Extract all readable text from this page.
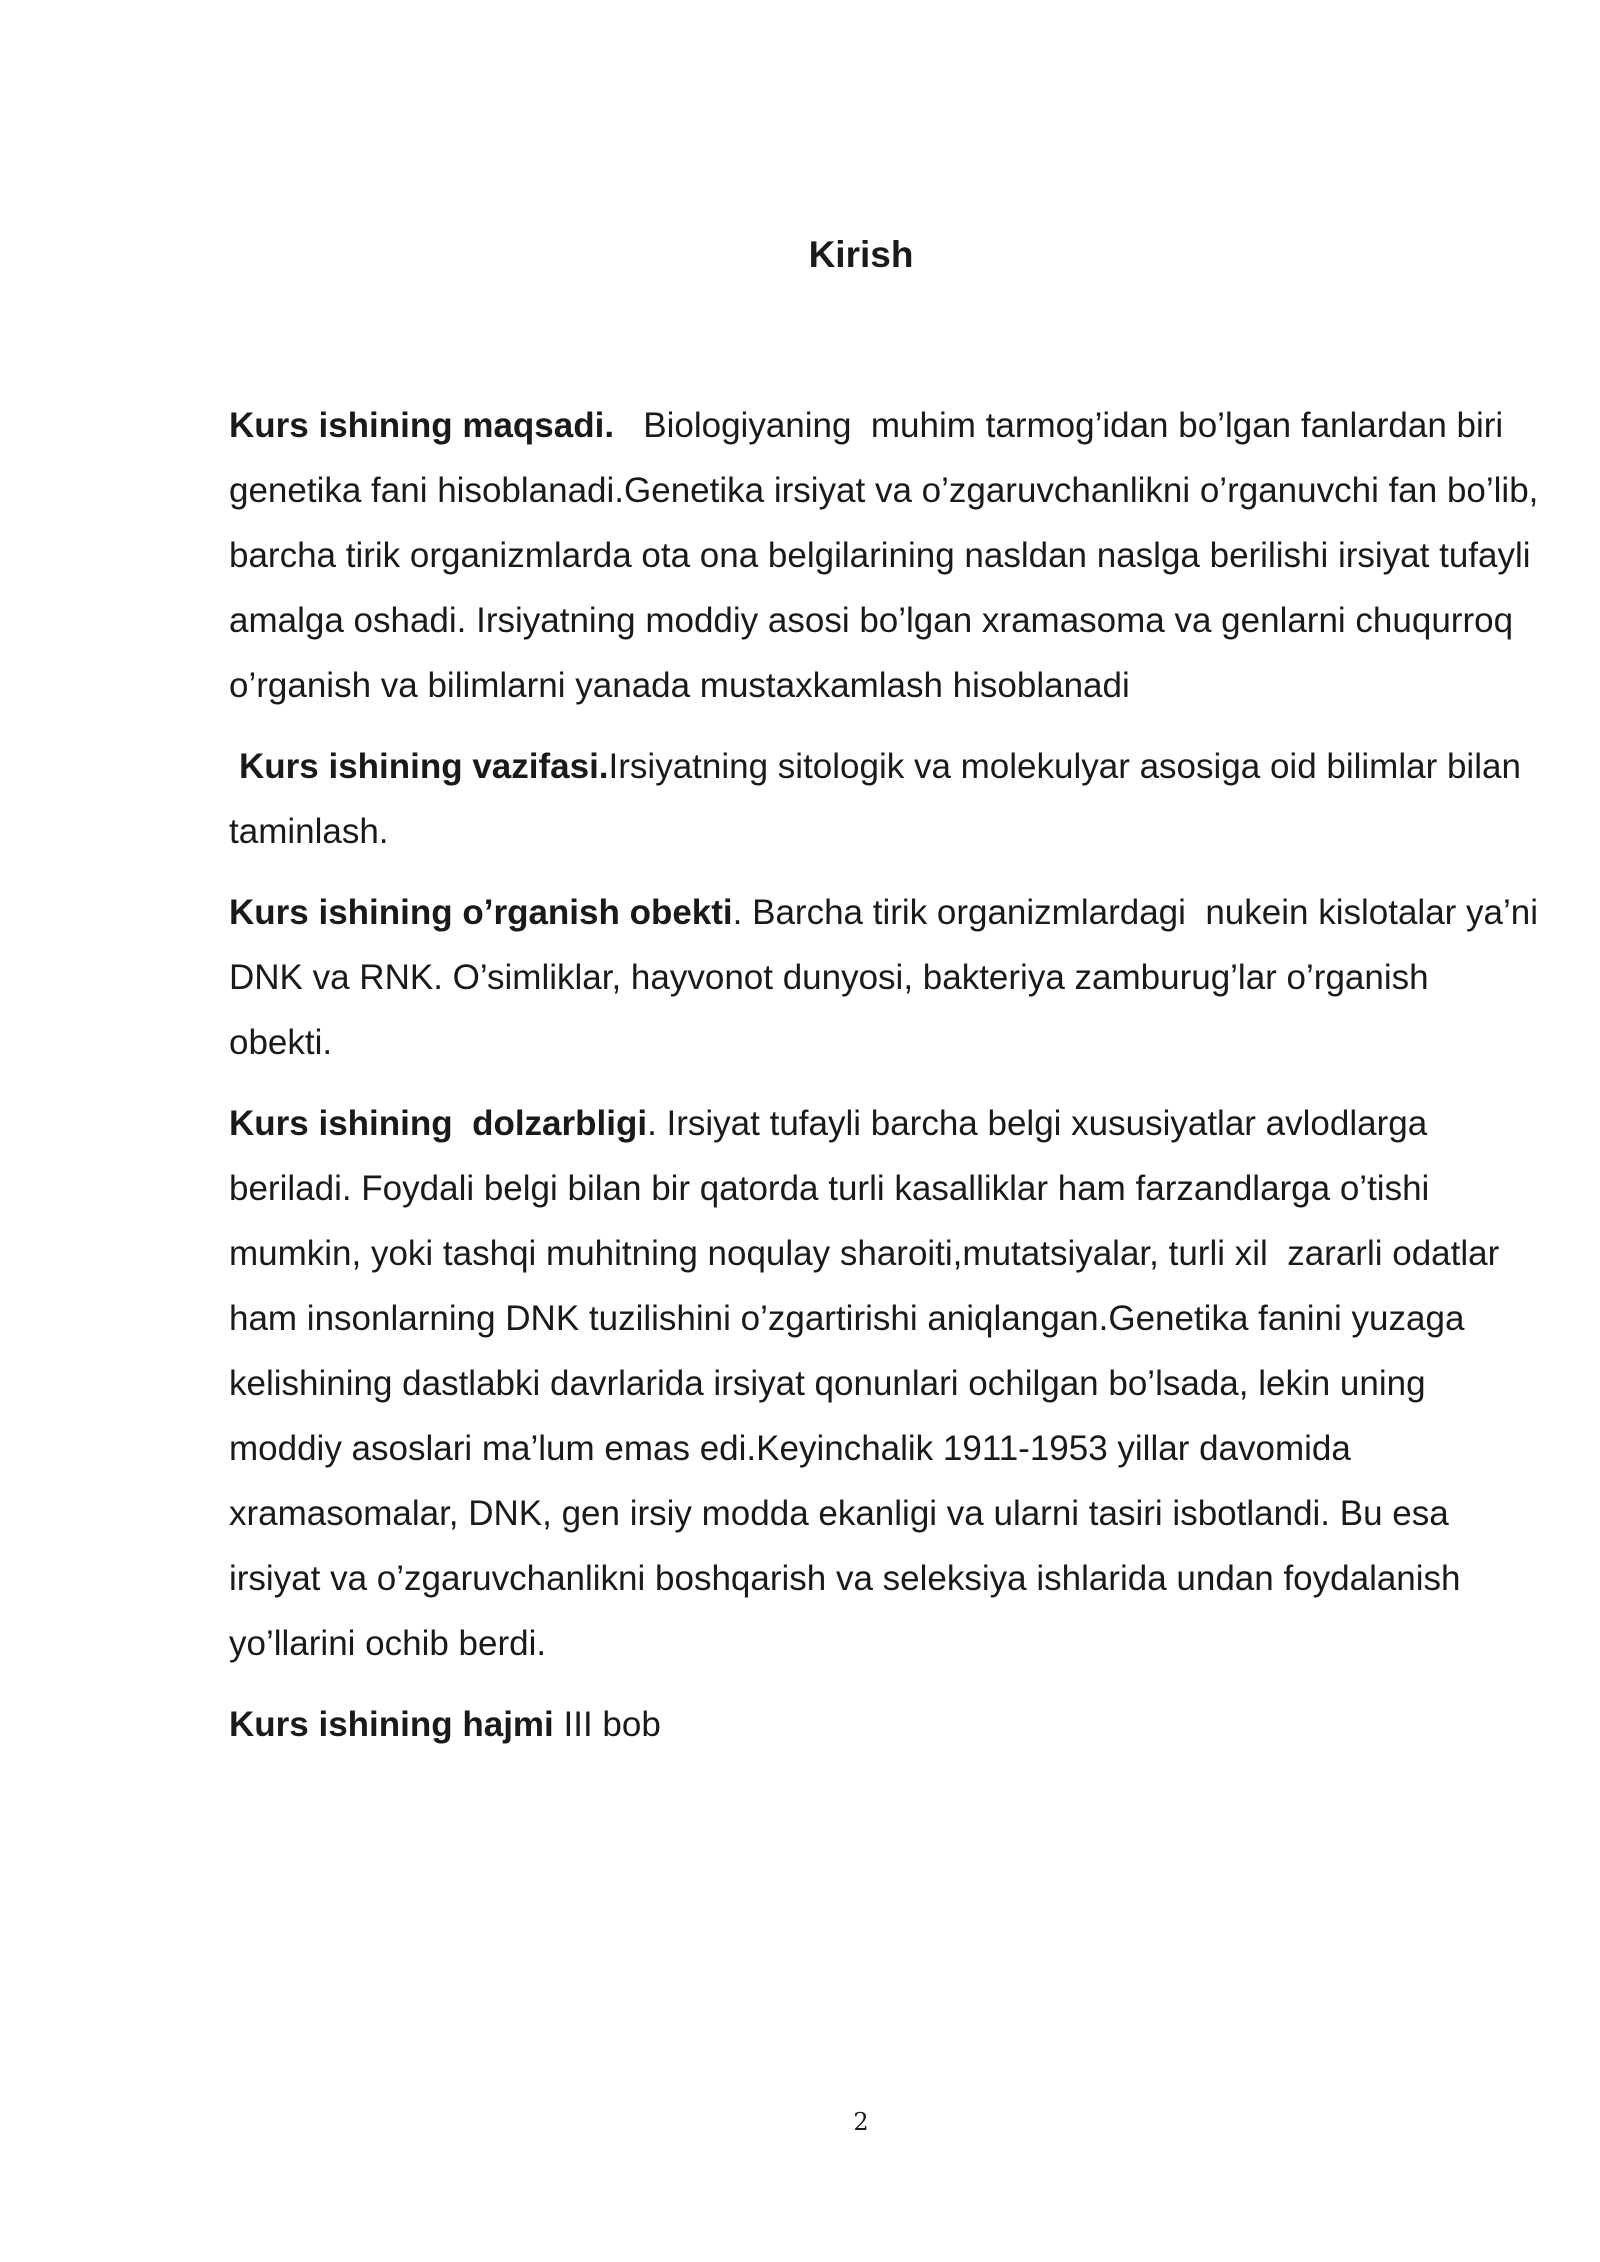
Kirish

Kurs ishining maqsadi.   Biologiyaning  muhim tarmog’idan bo’lgan fanlardan biri genetika fani hisoblanadi.Genetika irsiyat va o’zgaruvchanlikni o’rganuvchi fan bo’lib, barcha tirik organizmlarda ota ona belgilarining nasldan naslga berilishi irsiyat tufayli amalga oshadi. Irsiyatning moddiy asosi bo’lgan xramasoma va genlarni chuqurroq o’rganish va bilimlarni yanada mustaxkamlash hisoblanadi

Kurs ishining vazifasi.Irsiyatning sitologik va molekulyar asosiga oid bilimlar bilan taminlash.

Kurs ishining o’rganish obekti. Barcha tirik organizmlardagi  nukein kislotalar ya’ni DNK va RNK. O’simliklar, hayvonot dunyosi, bakteriya zamburug’lar o’rganish obekti.

Kurs ishining  dolzarbligi. Irsiyat tufayli barcha belgi xususiyatlar avlodlarga beriladi. Foydali belgi bilan bir qatorda turli kasalliklar ham farzandlarga o’tishi mumkin, yoki tashqi muhitning noqulay sharoiti,mutatsiyalar, turli xil  zararli odatlar  ham insonlarning DNK tuzilishini o’zgartirishi aniqlangan.Genetika fanini yuzaga kelishining dastlabki davrlarida irsiyat qonunlari ochilgan bo’lsada, lekin uning moddiy asoslari ma’lum emas edi.Keyinchalik 1911-1953 yillar davomida xramasomalar, DNK, gen irsiy modda ekanligi va ularni tasiri isbotlandi. Bu esa irsiyat va o’zgaruvchanlikni boshqarish va seleksiya ishlarida undan foydalanish yo’llarini ochib berdi.

Kurs ishining hajmi III bob

2
